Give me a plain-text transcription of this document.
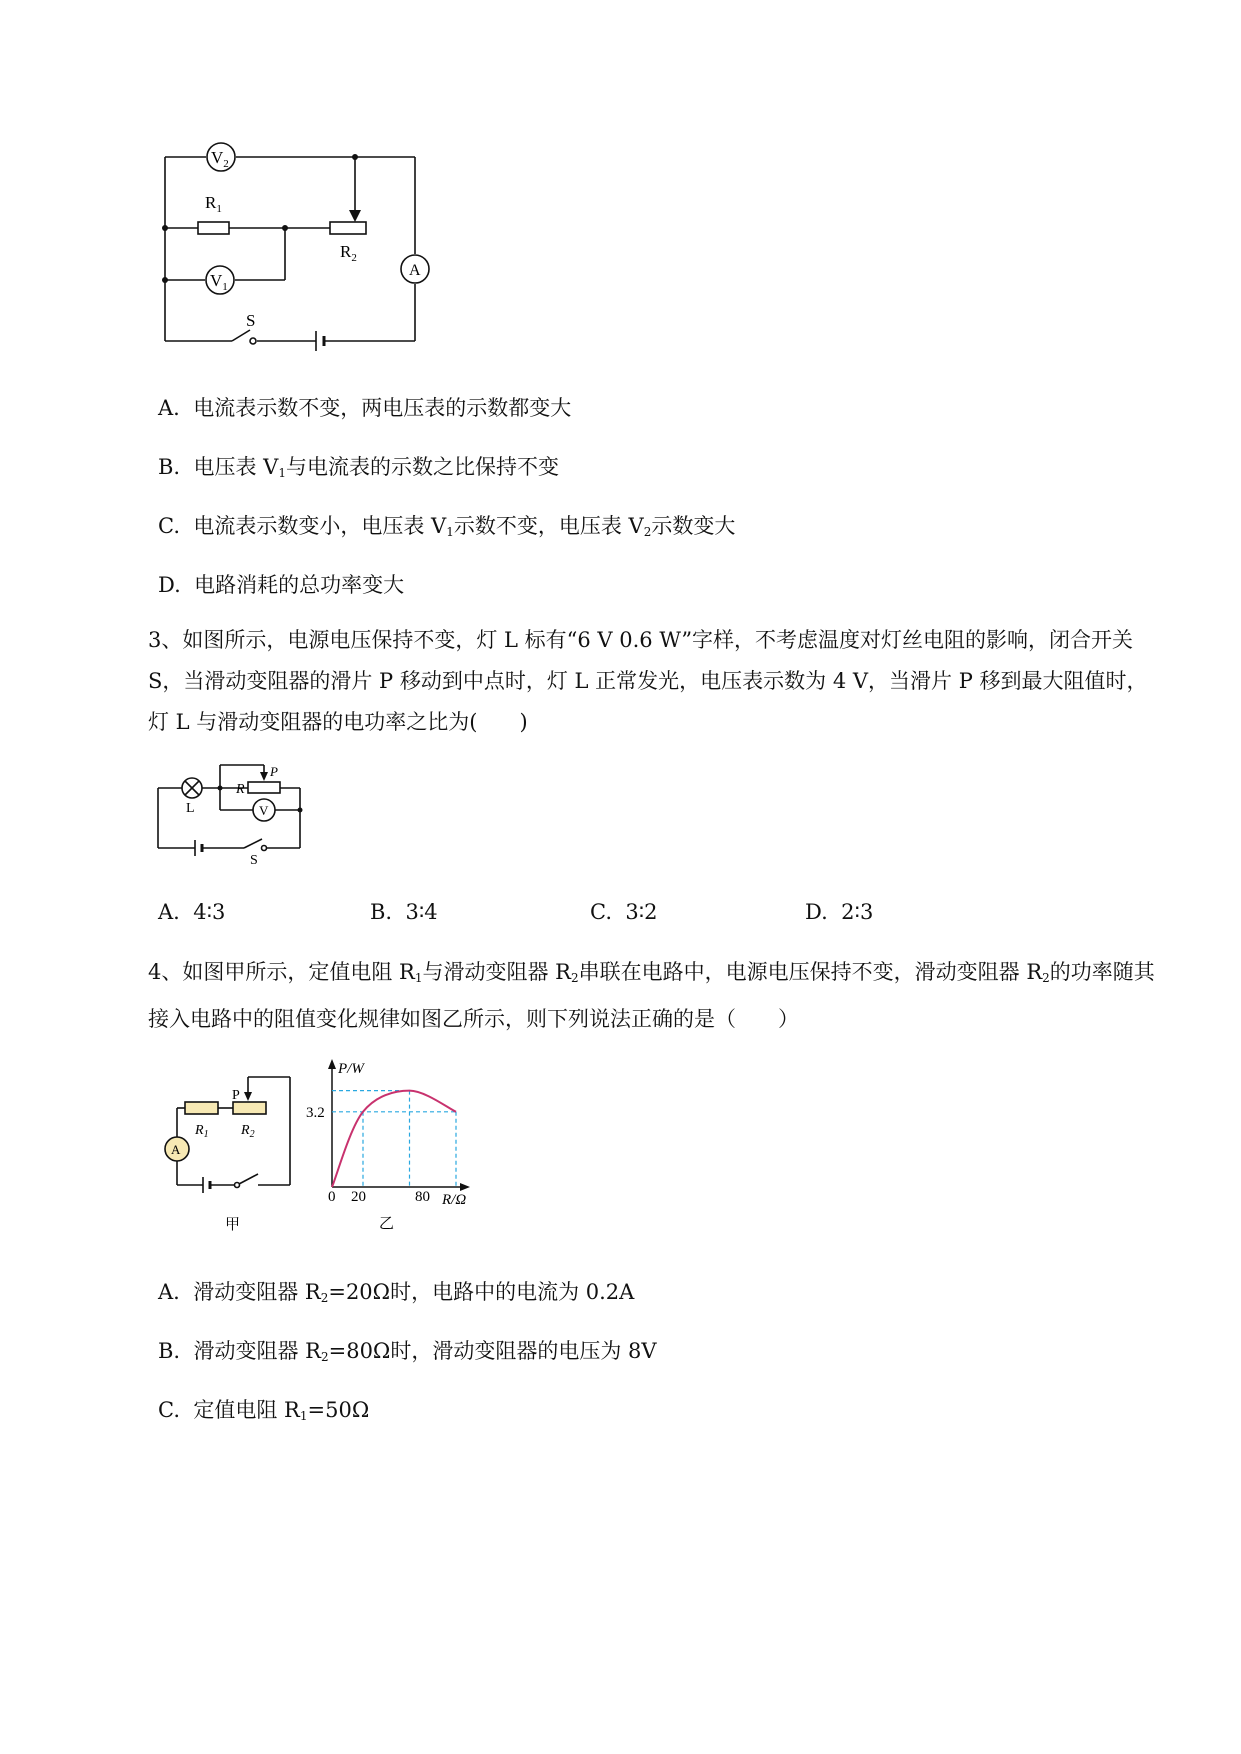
$V_2$
$V_1$
$R_1$
$R_2$
A
S
A. 电流表示数不变，两电压表的示数都变大
B. 电压表 $V_1$与电流表的示数之比保持不变
C. 电流表示数变小，电压表 $V_1$示数不变，电压表 $V_2$示数变大
D. 电路消耗的总功率变大
3、如图所示，电源电压保持不变，灯 L 标有“6 V 0.6 W”字样，不考虑温度对灯丝电阻的影响，闭合开关 S，当滑动变阻器的滑片 P 移动到中点时，灯 L 正常发光，电压表示数为 4 V，当滑片 P 移到最大阻值时，灯 L 与滑动变阻器的电功率之比为(　　)
L
R
P
V
S
A. 4∶3	B. 3∶4	C. 3∶2	D. 2∶3
4、如图甲所示，定值电阻 $R_1$与滑动变阻器 $R_2$串联在电路中，电源电压保持不变，滑动变阻器 $R_2$的功率随其接入电路中的阻值变化规律如图乙所示，则下列说法正确的是（　　）
P
$R_1$ $R_2$
A
甲
P/W
R/Ω
3.2
0 20	80
乙
A. 滑动变阻器 $R_2=20\Omega$时，电路中的电流为 0.2A
B. 滑动变阻器 $R_2=80\Omega$时，滑动变阻器的电压为 8V
C. 定值电阻 $R_1=50\Omega$
